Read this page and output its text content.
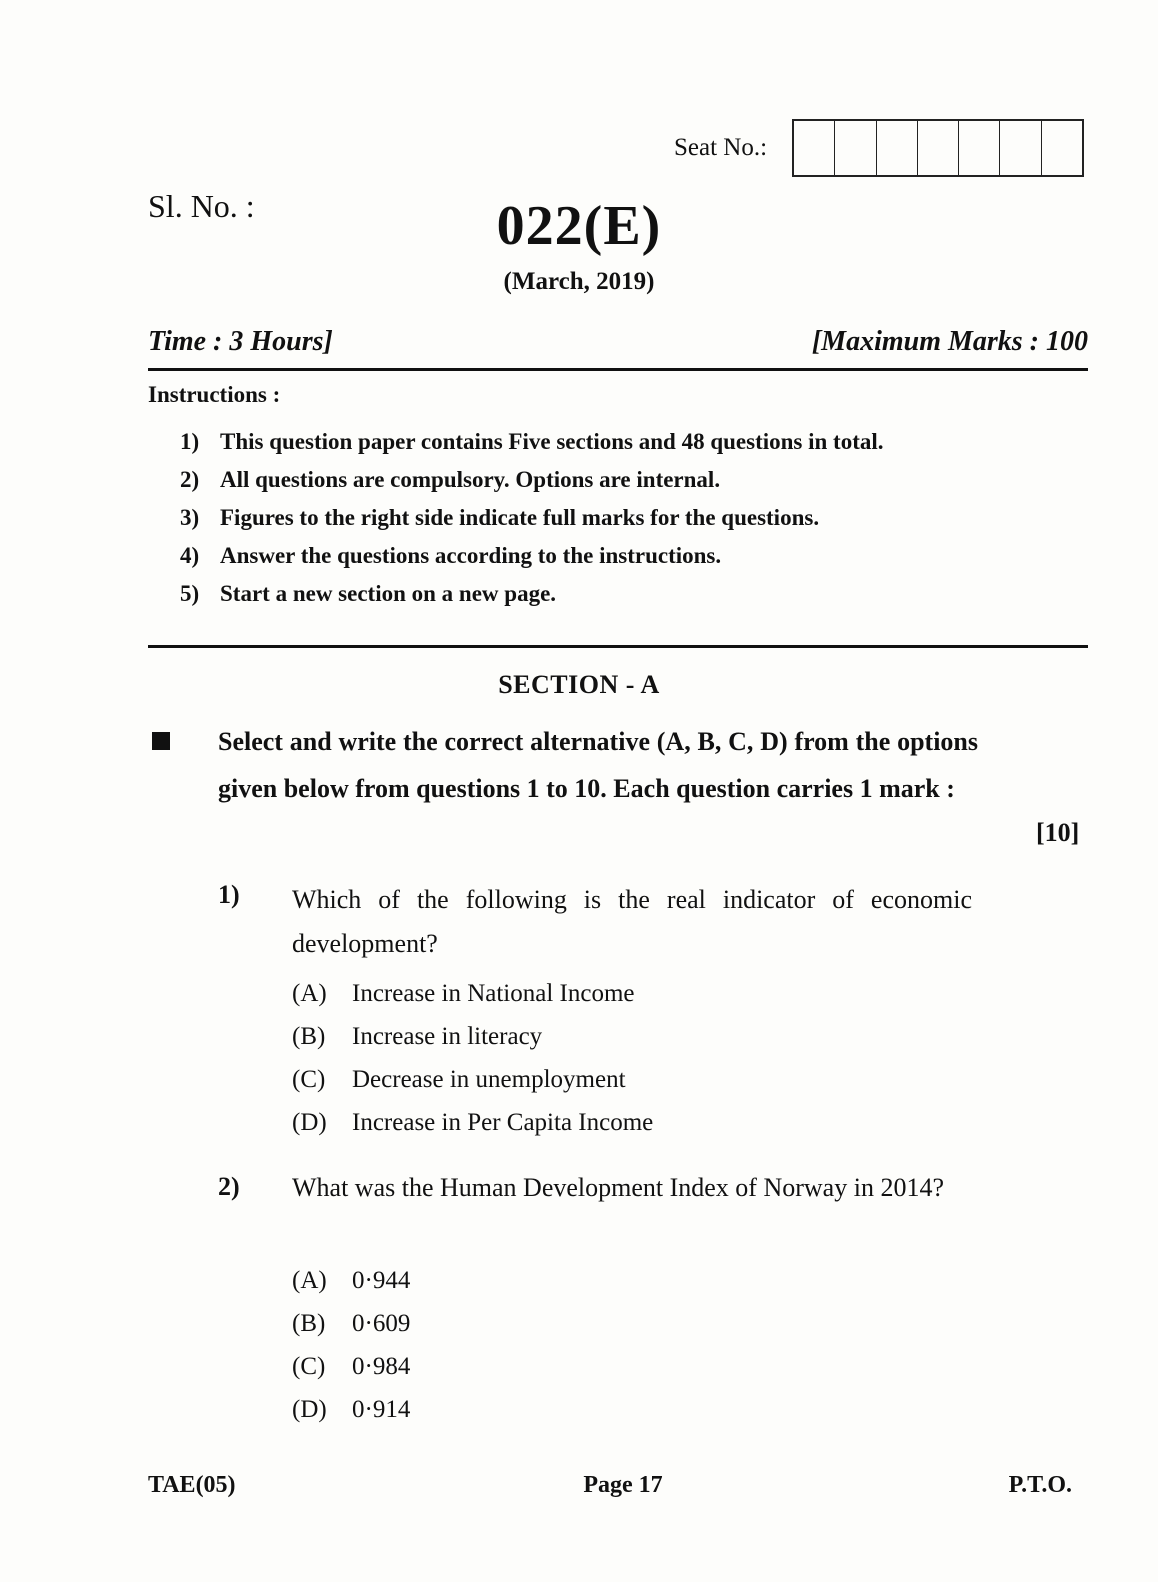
Seat No.:
Sl. No. :	022(E)
(March, 2019)
Time : 3 Hours]	[Maximum Marks : 100
Instructions :
1) This question paper contains Five sections and 48 questions in total.
2) All questions are compulsory. Options are internal.
3) Figures to the right side indicate full marks for the questions.
4) Answer the questions according to the instructions.
5) Start a new section on a new page.
SECTION - A
Select and write the correct alternative (A, B, C, D) from the options given below from questions 1 to 10. Each question carries 1 mark :
[10]
1) Which of the following is the real indicator of economic development?
(A) Increase in National Income
(B) Increase in literacy
(C) Decrease in unemployment
(D) Increase in Per Capita Income
2) What was the Human Development Index of Norway in 2014?
(A) 0·944
(B) 0·609
(C) 0·984
(D) 0·914
TAE(05)	Page 17	P.T.O.
